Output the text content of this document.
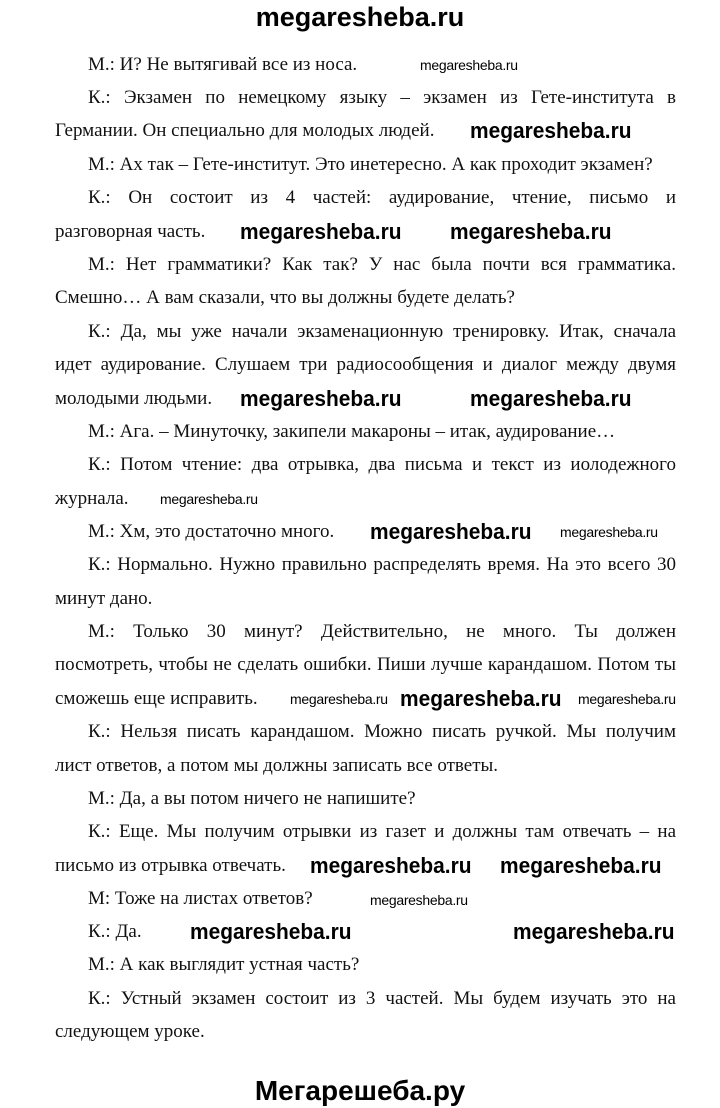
megaresheba.ru
М.: И? Не вытягивай все из носа.
К.: Экзамен по немецкому языку – экзамен из Гете-института в
Германии. Он специально для молодых людей.
М.: Ах так – Гете-институт. Это инетересно. А как проходит экзамен?
К.: Он состоит из 4 частей: аудирование, чтение, письмо и
разговорная часть.
М.: Нет грамматики? Как так? У нас была почти вся грамматика.
Смешно… А вам сказали, что вы должны будете делать?
К.: Да, мы уже начали экзаменационную тренировку. Итак, сначала
идет аудирование. Слушаем три радиосообщения и диалог между двумя
молодыми людьми.
М.: Ага. – Минуточку, закипели макароны – итак, аудирование…
К.: Потом чтение: два отрывка, два письма и текст из иолодежного
журнала.
М.: Хм, это достаточно много.
К.: Нормально. Нужно правильно распределять время. На это всего 30
минут дано.
М.: Только 30 минут? Действительно, не много. Ты должен
посмотреть, чтобы не сделать ошибки. Пиши лучше карандашом. Потом ты
сможешь еще исправить.
К.: Нельзя писать карандашом. Можно писать ручкой. Мы получим
лист ответов, а потом мы должны записать все ответы.
М.: Да, а вы потом ничего не напишите?
К.: Еще. Мы получим отрывки из газет и должны там отвечать – на
письмо из отрывка отвечать.
М: Тоже на листах ответов?
К.: Да.
М.: А как выглядит устная часть?
К.: Устный экзамен состоит из 3 частей. Мы будем изучать это на
следующем уроке.
megaresheba.ru
megaresheba.ru
megaresheba.ru megaresheba.ru
megaresheba.ru
megaresheba.ru
megaresheba.ru
megaresheba.ru
megaresheba.ru
megaresheba.ru megaresheba.ru megaresheba.ru
megaresheba.ru
megaresheba.ru megaresheba.ru
megaresheba.ru	megaresheba.ru
Мегарешеба.ру
